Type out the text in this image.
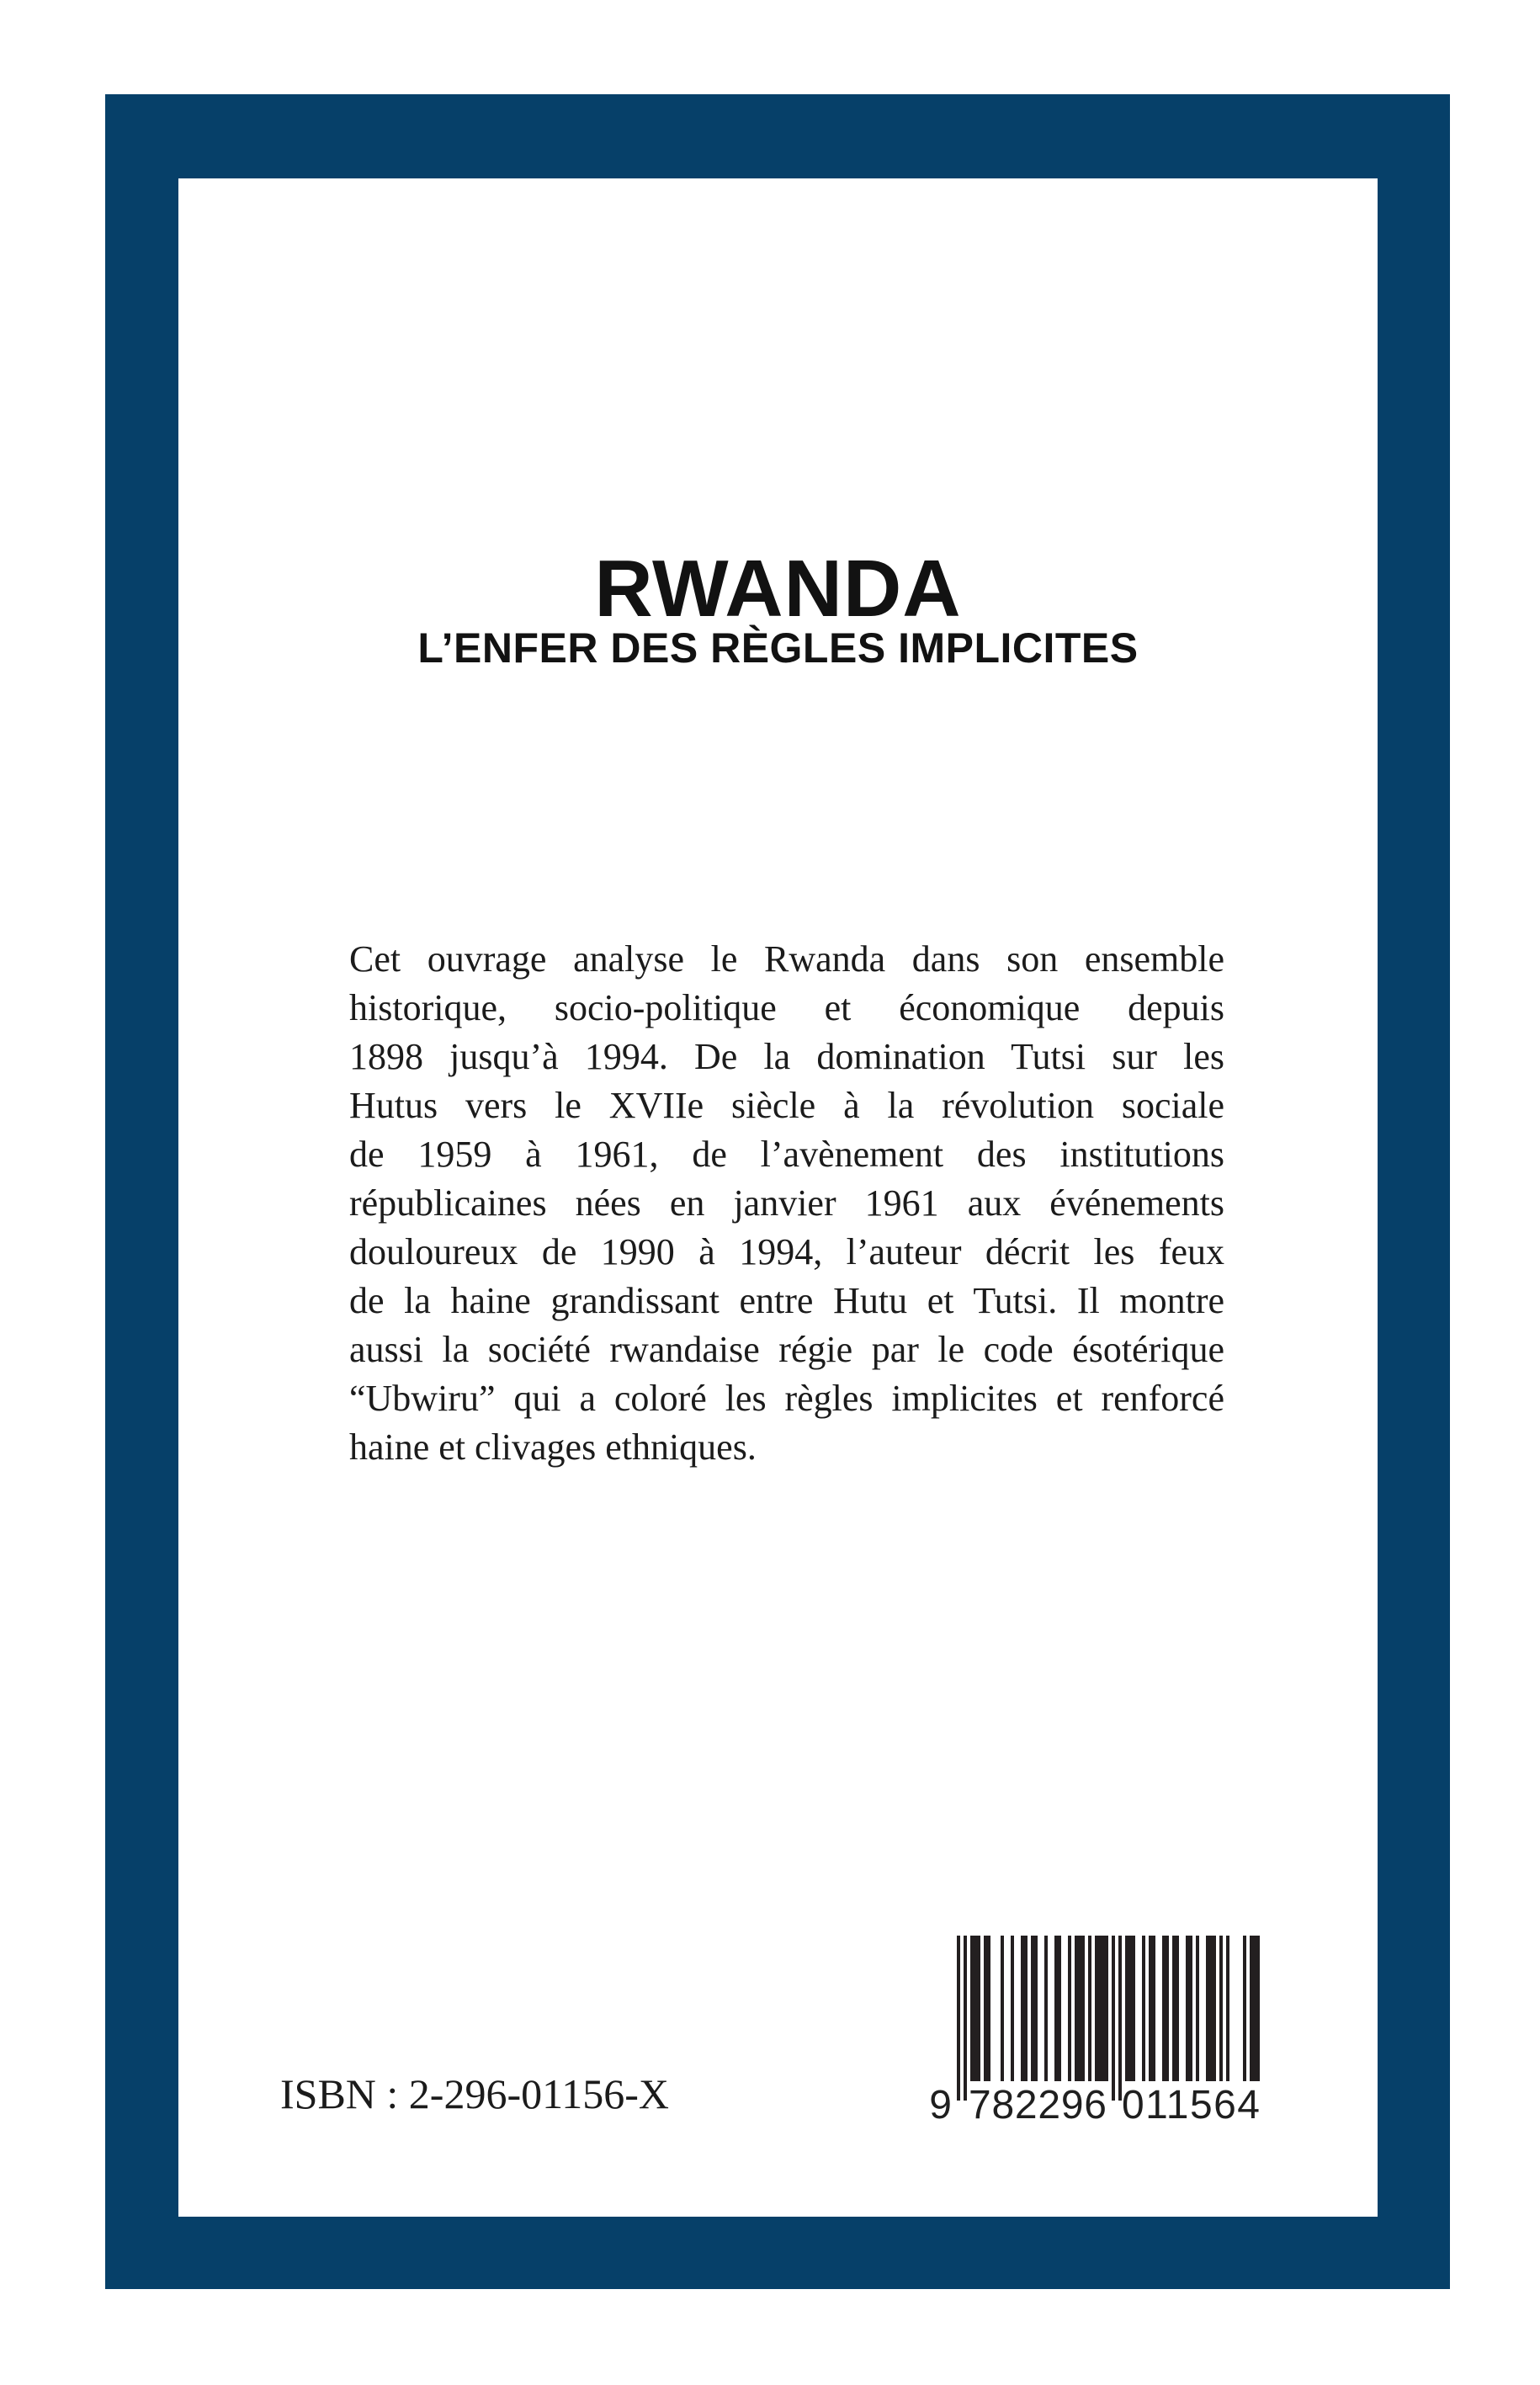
RWANDA
L’ENFER DES RÈGLES IMPLICITES
Cet ouvrage analyse le Rwanda dans son ensemble
historique, socio-politique et économique depuis
1898 jusqu’à 1994. De la domination Tutsi sur les
Hutus vers le XVIIe siècle à la révolution sociale
de 1959 à 1961, de l’avènement des institutions
républicaines nées en janvier 1961 aux événements
douloureux de 1990 à 1994, l’auteur décrit les feux
de la haine grandissant entre Hutu et Tutsi. Il montre
aussi la société rwandaise régie par le code ésotérique
“Ubwiru” qui a coloré les règles implicites et renforcé
haine et clivages ethniques.
ISBN : 2-296-01156-X	9 782296 011564
